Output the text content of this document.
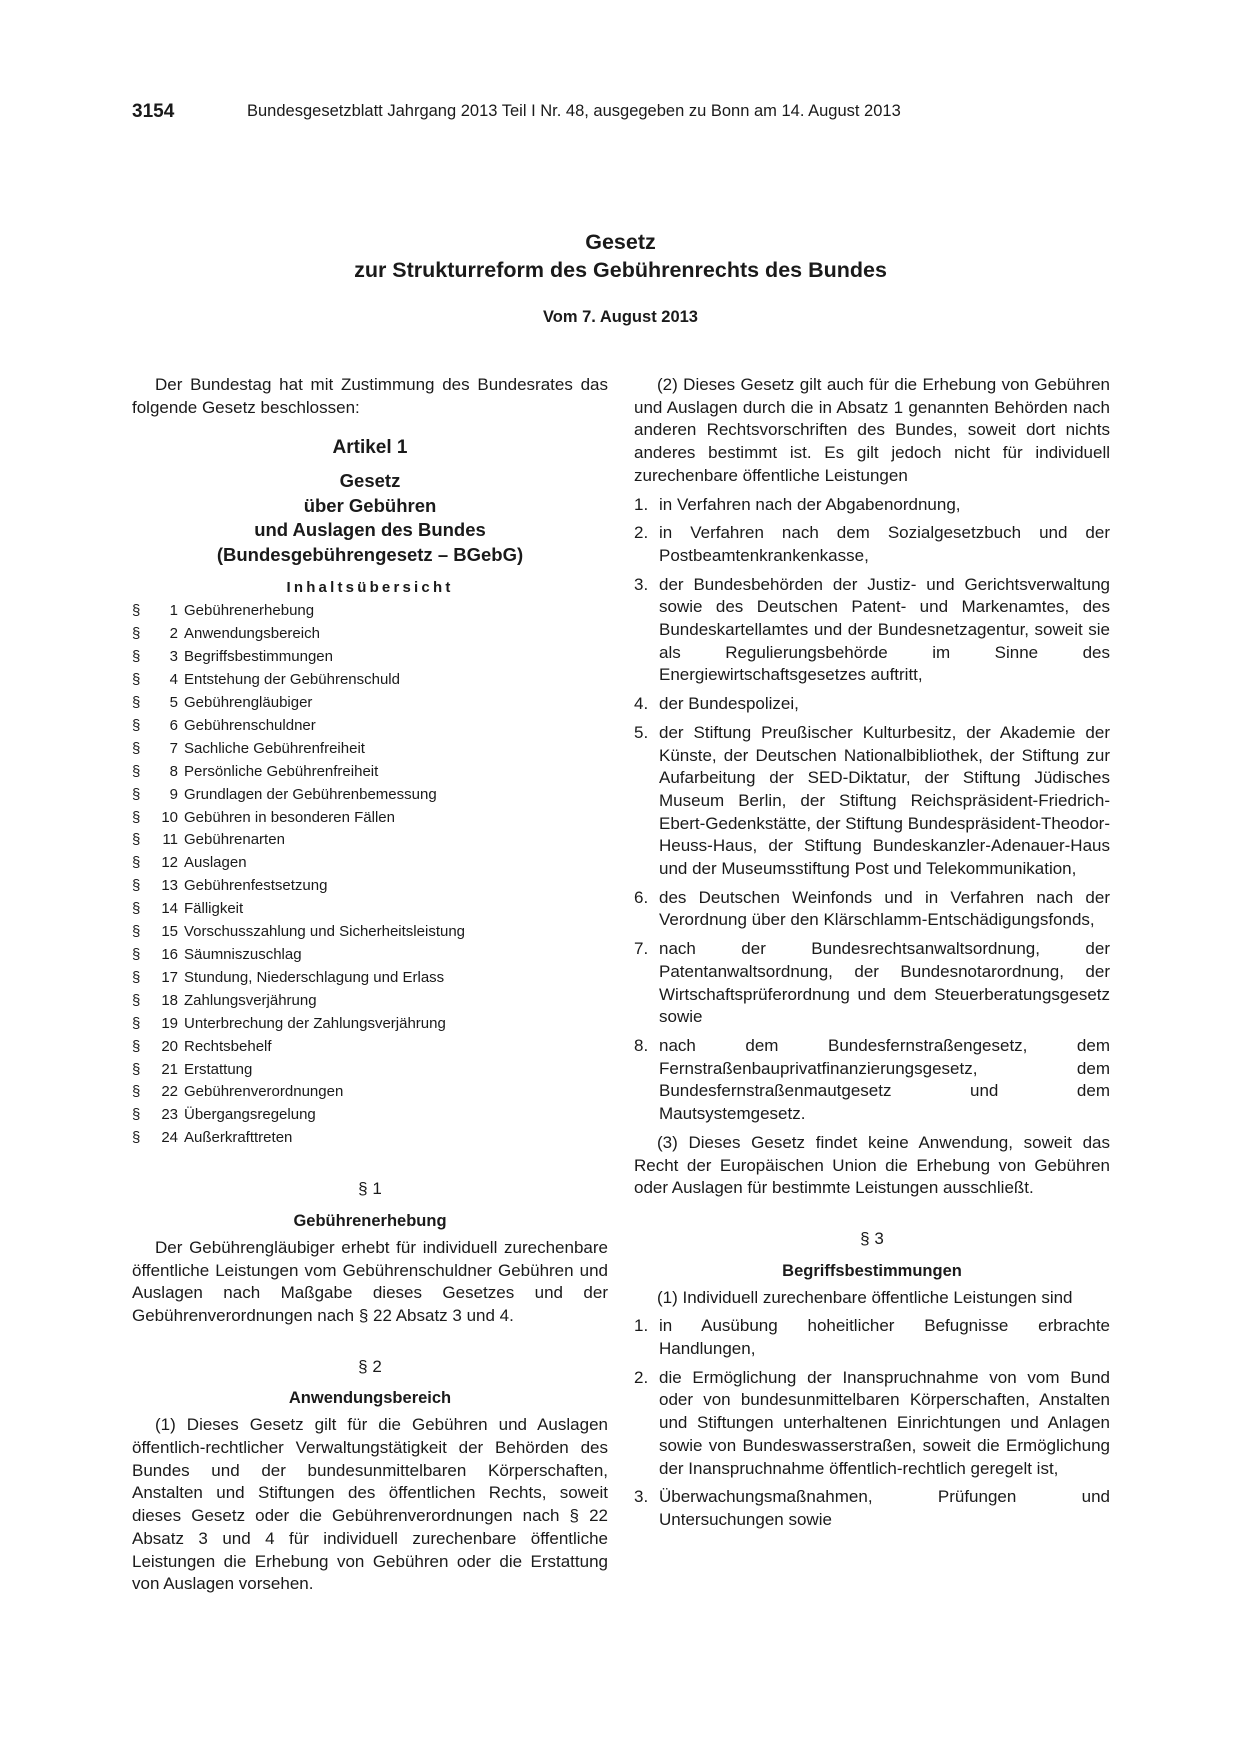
3154	Bundesgesetzblatt Jahrgang 2013 Teil I Nr. 48, ausgegeben zu Bonn am 14. August 2013
Gesetz
zur Strukturreform des Gebührenrechts des Bundes
Vom 7. August 2013

Der Bundestag hat mit Zustimmung des Bundesrates das folgende Gesetz beschlossen:

Artikel 1
Gesetz
über Gebühren
und Auslagen des Bundes
(Bundesgebührengesetz – BGebG)
Inhaltsübersicht
§	1 Gebührenerhebung
§	2 Anwendungsbereich
§	3 Begriffsbestimmungen
§	4 Entstehung der Gebührenschuld
§	5 Gebührengläubiger
§	6 Gebührenschuldner
§	7 Sachliche Gebührenfreiheit
§	8 Persönliche Gebührenfreiheit
§	9 Grundlagen der Gebührenbemessung
§	10 Gebühren in besonderen Fällen
§	11 Gebührenarten
§	12 Auslagen
§	13 Gebührenfestsetzung
§	14 Fälligkeit
§	15 Vorschusszahlung und Sicherheitsleistung
§	16 Säumniszuschlag
§	17 Stundung, Niederschlagung und Erlass
§	18 Zahlungsverjährung
§	19 Unterbrechung der Zahlungsverjährung
§	20 Rechtsbehelf
§	21 Erstattung
§	22 Gebührenverordnungen
§	23 Übergangsregelung
§	24 Außerkrafttreten
§ 1
Gebührenerhebung

Der Gebührengläubiger erhebt für individuell zurechenbare öffentliche Leistungen vom Gebührenschuldner Gebühren und Auslagen nach Maßgabe dieses Gesetzes und der Gebührenverordnungen nach § 22 Absatz 3 und 4.

§ 2
Anwendungsbereich

(1) Dieses Gesetz gilt für die Gebühren und Auslagen öffentlich-rechtlicher Verwaltungstätigkeit der Behörden des Bundes und der bundesunmittelbaren Körperschaften, Anstalten und Stiftungen des öffentlichen Rechts, soweit dieses Gesetz oder die Gebührenverordnungen nach § 22 Absatz 3 und 4 für individuell zurechenbare öffentliche Leistungen die Erhebung von Gebühren oder die Erstattung von Auslagen vorsehen.

(2) Dieses Gesetz gilt auch für die Erhebung von Gebühren und Auslagen durch die in Absatz 1 genannten Behörden nach anderen Rechtsvorschriften des Bundes, soweit dort nichts anderes bestimmt ist. Es gilt jedoch nicht für individuell zurechenbare öffentliche Leistungen

1. in Verfahren nach der Abgabenordnung,
2. in Verfahren nach dem Sozialgesetzbuch und der Postbeamtenkrankenkasse,
3. der Bundesbehörden der Justiz- und Gerichtsverwaltung sowie des Deutschen Patent- und Markenamtes, des Bundeskartellamtes und der Bundesnetzagentur, soweit sie als Regulierungsbehörde im Sinne des Energiewirtschaftsgesetzes auftritt,
4. der Bundespolizei,
5. der Stiftung Preußischer Kulturbesitz, der Akademie der Künste, der Deutschen Nationalbibliothek, der Stiftung zur Aufarbeitung der SED-Diktatur, der Stiftung Jüdisches Museum Berlin, der Stiftung Reichspräsident-Friedrich-Ebert-Gedenkstätte, der Stiftung Bundespräsident-Theodor-Heuss-Haus, der Stiftung Bundeskanzler-Adenauer-Haus und der Museumsstiftung Post und Telekommunikation,
6. des Deutschen Weinfonds und in Verfahren nach der Verordnung über den Klärschlamm-Entschädigungsfonds,
7. nach der Bundesrechtsanwaltsordnung, der Patentanwaltsordnung, der Bundesnotarordnung, der Wirtschaftsprüferordnung und dem Steuerberatungsgesetz sowie
8. nach dem Bundesfernstraßengesetz, dem Fernstraßenbauprivatfinanzierungsgesetz, dem Bundesfernstraßenmautgesetz und dem Mautsystemgesetz.

(3) Dieses Gesetz findet keine Anwendung, soweit das Recht der Europäischen Union die Erhebung von Gebühren oder Auslagen für bestimmte Leistungen ausschließt.

§ 3
Begriffsbestimmungen

(1) Individuell zurechenbare öffentliche Leistungen sind

1. in Ausübung hoheitlicher Befugnisse erbrachte Handlungen,
2. die Ermöglichung der Inanspruchnahme von vom Bund oder von bundesunmittelbaren Körperschaften, Anstalten und Stiftungen unterhaltenen Einrichtungen und Anlagen sowie von Bundeswasserstraßen, soweit die Ermöglichung der Inanspruchnahme öffentlich-rechtlich geregelt ist,
3. Überwachungsmaßnahmen, Prüfungen und Untersuchungen sowie
